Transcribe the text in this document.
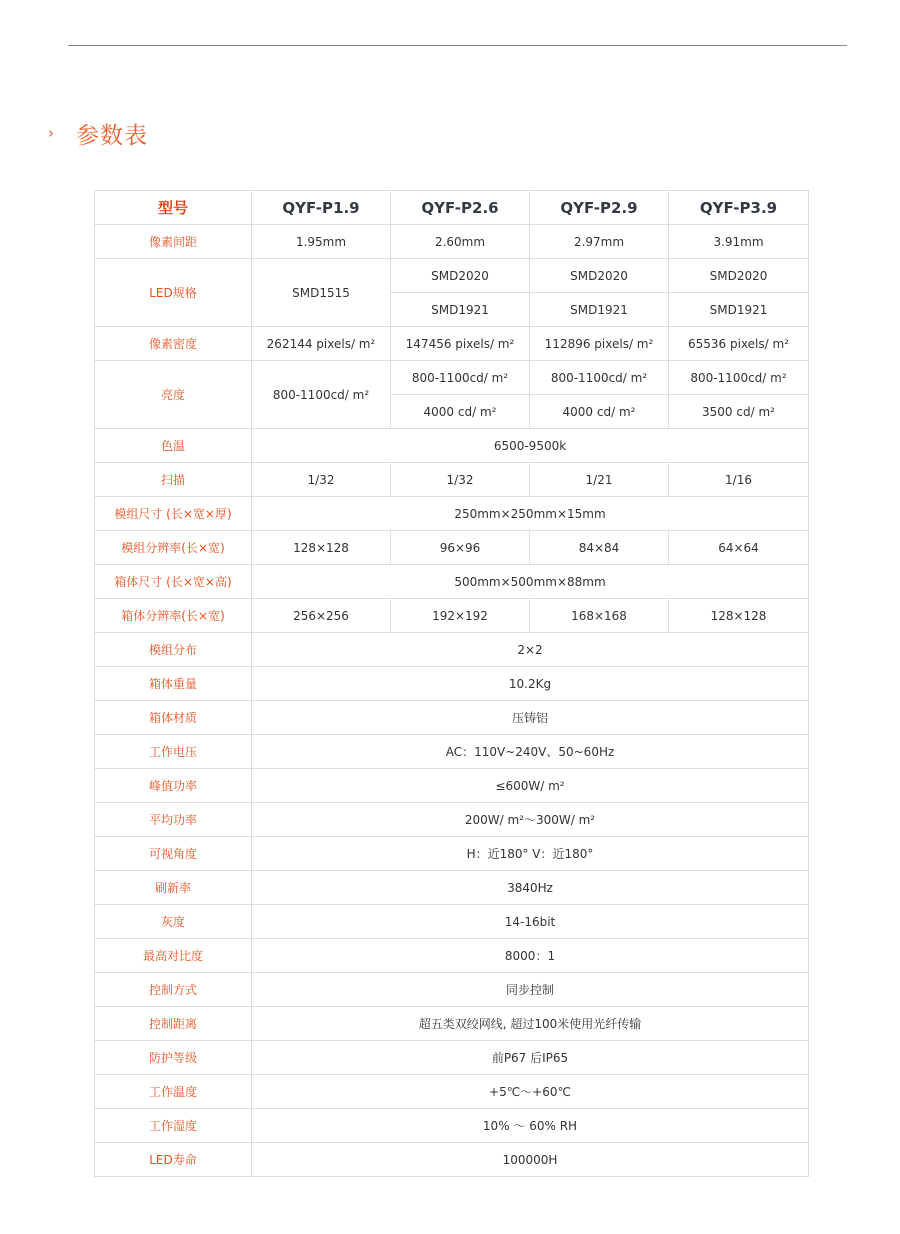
› 参数表
型号	QYF-P1.9	QYF-P2.6	QYF-P2.9	QYF-P3.9
像素间距	1.95mm	2.60mm	2.97mm	3.91mm
LED规格	SMD1515	SMD2020	SMD2020	SMD2020
		SMD1921	SMD1921	SMD1921
像素密度	262144 pixels/ m²	147456 pixels/ m²	112896 pixels/ m²	65536 pixels/ m²
亮度	800-1100cd/ m²	800-1100cd/ m²	800-1100cd/ m²	800-1100cd/ m²
		4000 cd/ m²	4000 cd/ m²	3500 cd/ m²
色温	6500-9500k			
扫描	1/32	1/32	1/21	1/16
模组尺寸 (长×宽×厚)	250mm×250mm×15mm			
模组分辨率(长×宽)	128×128	96×96	84×84	64×64
箱体尺寸 (长×宽×高)	500mm×500mm×88mm			
箱体分辨率(长×宽)	256×256	192×192	168×168	128×128
模组分布	2×2			
箱体重量	10.2Kg			
箱体材质	压铸铝			
工作电压	AC：110V~240V、50~60Hz			
峰值功率	≤600W/ m²			
平均功率	200W/ m²～300W/ m²			
可视角度	H：近180° V：近180°			
刷新率	3840Hz			
灰度	14-16bit			
最高对比度	8000：1			
控制方式	同步控制			
控制距离	超五类双绞网线, 超过100米使用光纤传输			
防护等级	前P67 后IP65			
工作温度	+5℃～+60℃			
工作湿度	10% ～ 60% RH			
LED寿命	100000H			
